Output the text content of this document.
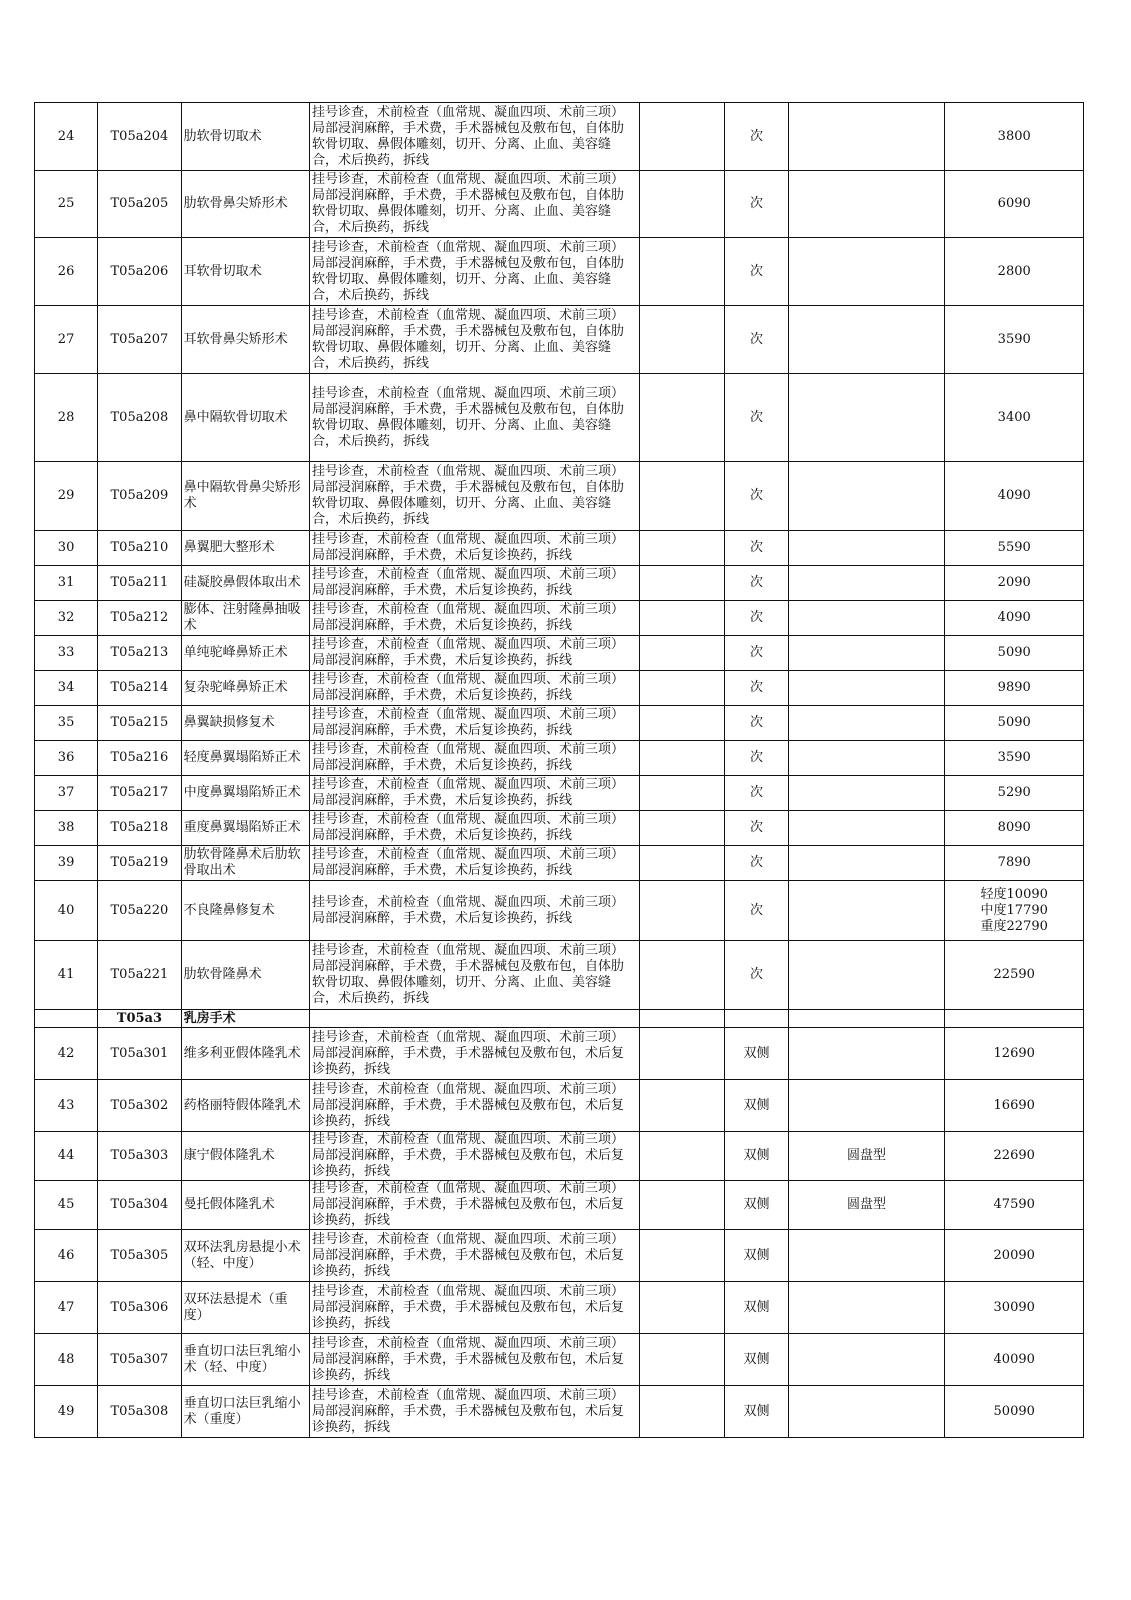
24	T05a204	肋软骨切取术	挂号诊查，术前检查（血常规、凝血四项、术前三项）局部浸润麻醉，手术费，手术器械包及敷布包，自体肋软骨切取、鼻假体雕刻，切开、分离、止血、美容缝合，术后换药，拆线		次		3800
25	T05a205	肋软骨鼻尖矫形术	挂号诊查，术前检查（血常规、凝血四项、术前三项）局部浸润麻醉，手术费，手术器械包及敷布包，自体肋软骨切取、鼻假体雕刻，切开、分离、止血、美容缝合，术后换药，拆线		次		6090
26	T05a206	耳软骨切取术	挂号诊查，术前检查（血常规、凝血四项、术前三项）局部浸润麻醉，手术费，手术器械包及敷布包，自体肋软骨切取、鼻假体雕刻，切开、分离、止血、美容缝合，术后换药，拆线		次		2800
27	T05a207	耳软骨鼻尖矫形术	挂号诊查，术前检查（血常规、凝血四项、术前三项）局部浸润麻醉，手术费，手术器械包及敷布包，自体肋软骨切取、鼻假体雕刻，切开、分离、止血、美容缝合，术后换药，拆线		次		3590
28	T05a208	鼻中隔软骨切取术	挂号诊查，术前检查（血常规、凝血四项、术前三项）局部浸润麻醉，手术费，手术器械包及敷布包，自体肋软骨切取、鼻假体雕刻，切开、分离、止血、美容缝合，术后换药，拆线		次		3400
29	T05a209	鼻中隔软骨鼻尖矫形术	挂号诊查，术前检查（血常规、凝血四项、术前三项）局部浸润麻醉，手术费，手术器械包及敷布包，自体肋软骨切取、鼻假体雕刻，切开、分离、止血、美容缝合，术后换药，拆线		次		4090
30	T05a210	鼻翼肥大整形术	挂号诊查，术前检查（血常规、凝血四项、术前三项）局部浸润麻醉，手术费，术后复诊换药，拆线		次		5590
31	T05a211	硅凝胶鼻假体取出术	挂号诊查，术前检查（血常规、凝血四项、术前三项）局部浸润麻醉，手术费，术后复诊换药，拆线		次		2090
32	T05a212	膨体、注射隆鼻抽吸术	挂号诊查，术前检查（血常规、凝血四项、术前三项）局部浸润麻醉，手术费，术后复诊换药，拆线		次		4090
33	T05a213	单纯驼峰鼻矫正术	挂号诊查，术前检查（血常规、凝血四项、术前三项）局部浸润麻醉，手术费，术后复诊换药，拆线		次		5090
34	T05a214	复杂驼峰鼻矫正术	挂号诊查，术前检查（血常规、凝血四项、术前三项）局部浸润麻醉，手术费，术后复诊换药，拆线		次		9890
35	T05a215	鼻翼缺损修复术	挂号诊查，术前检查（血常规、凝血四项、术前三项）局部浸润麻醉，手术费，术后复诊换药，拆线		次		5090
36	T05a216	轻度鼻翼塌陷矫正术	挂号诊查，术前检查（血常规、凝血四项、术前三项）局部浸润麻醉，手术费，术后复诊换药，拆线		次		3590
37	T05a217	中度鼻翼塌陷矫正术	挂号诊查，术前检查（血常规、凝血四项、术前三项）局部浸润麻醉，手术费，术后复诊换药，拆线		次		5290
38	T05a218	重度鼻翼塌陷矫正术	挂号诊查，术前检查（血常规、凝血四项、术前三项）局部浸润麻醉，手术费，术后复诊换药，拆线		次		8090
39	T05a219	肋软骨隆鼻术后肋软骨取出术	挂号诊查，术前检查（血常规、凝血四项、术前三项）局部浸润麻醉，手术费，术后复诊换药，拆线		次		7890
40	T05a220	不良隆鼻修复术	挂号诊查，术前检查（血常规、凝血四项、术前三项）局部浸润麻醉，手术费，术后复诊换药，拆线		次		轻度10090
中度17790
重度22790

41	T05a221	肋软骨隆鼻术	挂号诊查，术前检查（血常规、凝血四项、术前三项）局部浸润麻醉，手术费，手术器械包及敷布包，自体肋软骨切取、鼻假体雕刻，切开、分离、止血、美容缝合，术后换药，拆线		次		22590
	T05a3	乳房手术					
42	T05a301	维多利亚假体隆乳术	挂号诊查，术前检查（血常规、凝血四项、术前三项）局部浸润麻醉，手术费，手术器械包及敷布包，术后复诊换药，拆线		双侧		12690
43	T05a302	药格丽特假体隆乳术	挂号诊查，术前检查（血常规、凝血四项、术前三项）局部浸润麻醉，手术费，手术器械包及敷布包，术后复诊换药，拆线		双侧		16690
44	T05a303	康宁假体隆乳术	挂号诊查，术前检查（血常规、凝血四项、术前三项）局部浸润麻醉，手术费，手术器械包及敷布包，术后复诊换药，拆线		双侧	圆盘型	22690
45	T05a304	曼托假体隆乳术	挂号诊查，术前检查（血常规、凝血四项、术前三项）局部浸润麻醉，手术费，手术器械包及敷布包，术后复诊换药，拆线		双侧	圆盘型	47590
46	T05a305	双环法乳房悬提小术（轻、中度）	挂号诊查，术前检查（血常规、凝血四项、术前三项）局部浸润麻醉，手术费，手术器械包及敷布包，术后复诊换药，拆线		双侧		20090
47	T05a306	双环法悬提术（重度）	挂号诊查，术前检查（血常规、凝血四项、术前三项）局部浸润麻醉，手术费，手术器械包及敷布包，术后复诊换药，拆线		双侧		30090
48	T05a307	垂直切口法巨乳缩小术（轻、中度）	挂号诊查，术前检查（血常规、凝血四项、术前三项）局部浸润麻醉，手术费，手术器械包及敷布包，术后复诊换药，拆线		双侧		40090
49	T05a308	垂直切口法巨乳缩小术（重度）	挂号诊查，术前检查（血常规、凝血四项、术前三项）局部浸润麻醉，手术费，手术器械包及敷布包，术后复诊换药，拆线		双侧		50090
